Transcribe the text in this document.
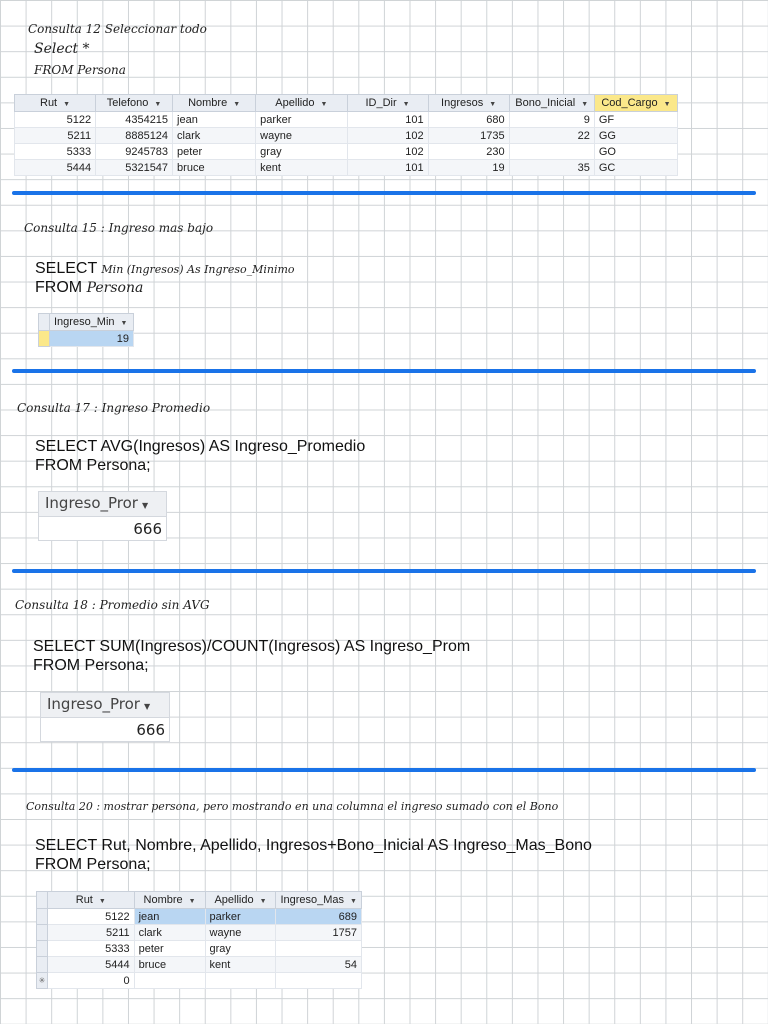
Consulta 12 Seleccionar todo
Select *
FROM Persona
Rut ▼	Telefono ▼	Nombre ▼	Apellido ▼	ID_Dir ▼	Ingresos ▼	Bono_Inicial ▼	Cod_Cargo ▼
5122	4354215	jean	parker	101	680	9	GF
5211	8885124	clark	wayne	102	1735	22	GG
5333	9245783	peter	gray	102	230		GO
5444	5321547	bruce	kent	101	19	35	GC
Consulta 15 : Ingreso mas bajo
SELECT Min (Ingresos) As Ingreso_Minimo
FROM Persona
	Ingreso_Min ▼
	19
Consulta 17 : Ingreso Promedio
SELECT AVG(Ingresos) AS Ingreso_Promedio
FROM Persona;
Ingreso_Pror ▼
666
Consulta 18 : Promedio sin AVG
SELECT SUM(Ingresos)/COUNT(Ingresos) AS Ingreso_Prom
FROM Persona;
Ingreso_Pror ▼
666
Consulta 20 : mostrar persona, pero mostrando en una columna el ingreso sumado con el Bono
SELECT Rut, Nombre, Apellido, Ingresos+Bono_Inicial AS Ingreso_Mas_Bono
FROM Persona;
	Rut ▼	Nombre ▼	Apellido ▼	Ingreso_Mas ▼
	5122	jean	parker	689
	5211	clark	wayne	1757
	5333	peter	gray	
	5444	bruce	kent	54
✳	0			
